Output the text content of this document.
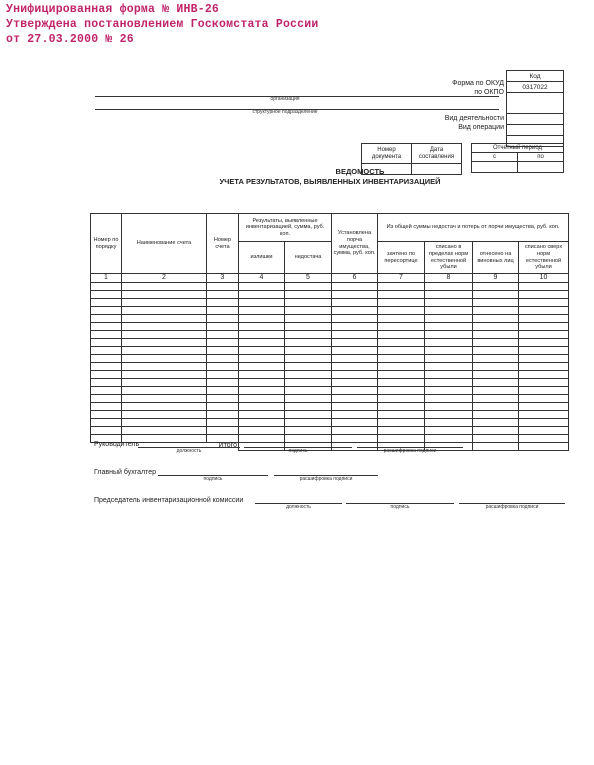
Унифицированная форма № ИНВ-26
Утверждена постановлением Госкомстата России
от 27.03.2000 № 26
Код
0317022

Форма по ОКУД
по ОКПО
организация
структурное подразделение
Вид деятельности
Вид операции
Номер документа	Дата составления

Отчетный период	
с	по

ВЕДОМОСТЬ
УЧЕТА РЕЗУЛЬТАТОВ, ВЫЯВЛЕННЫХ ИНВЕНТАРИЗАЦИЕЙ
Номер по порядку	Наименование счета	Номер счета	Результаты, выявленные инвентаризацией, сумма, руб. коп.		Установлена порча имущества, сумма, руб. коп.	Из общей суммы недостач и потерь от порчи имущества, руб. коп.			
			излишки	недостача		зачтено по пересортице	списано в пределах норм естественной убыли	отнесено на виновных лиц	списано сверх норм естественной убыли
1	2	3	4	5	6	7	8	9	10

		Итого							
Руководитель
должность	подпись	расшифровка подписи
Главный бухгалтер
подпись	расшифровка подписи
Председатель инвентаризационной комиссии
должность	подпись	расшифровка подписи
